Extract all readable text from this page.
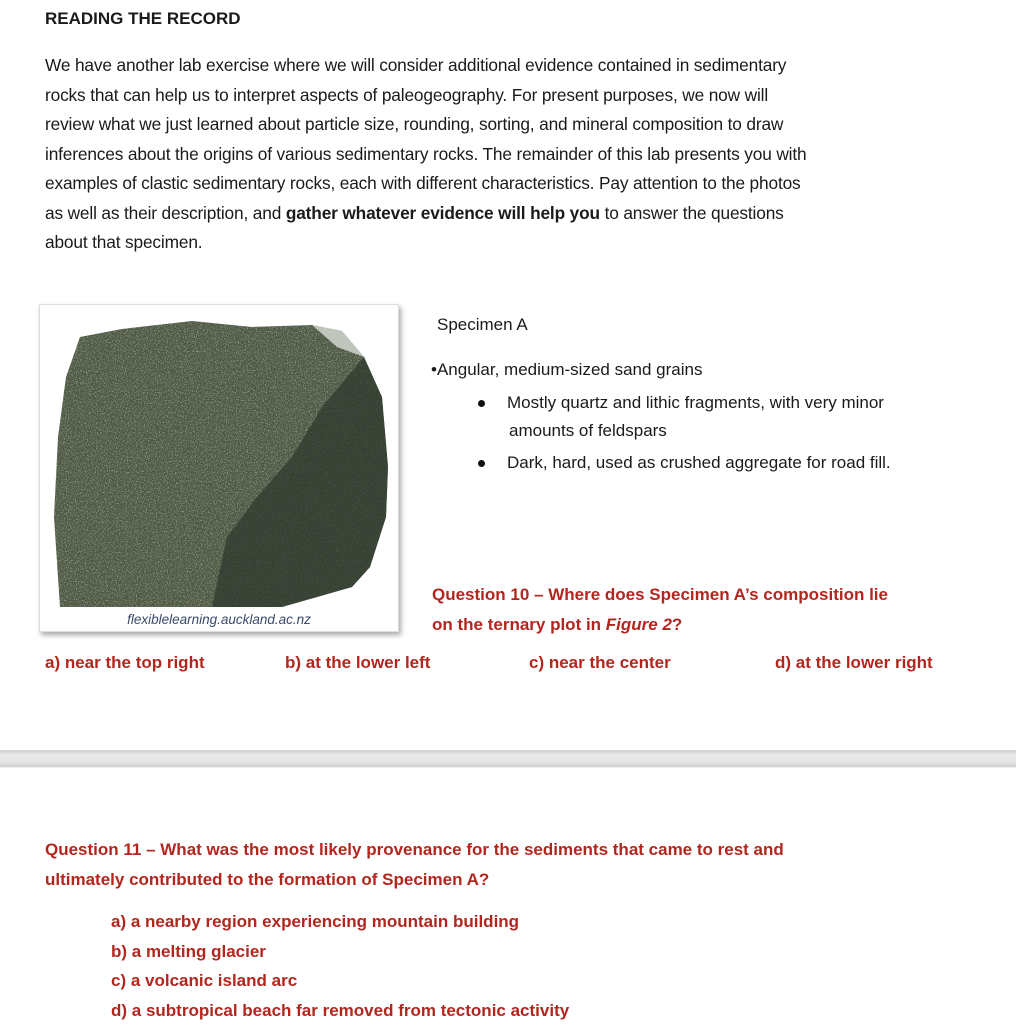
READING THE RECORD
We have another lab exercise where we will consider additional evidence contained in sedimentary
rocks that can help us to interpret aspects of paleogeography. For present purposes, we now will
review what we just learned about particle size, rounding, sorting, and mineral composition to draw
inferences about the origins of various sedimentary rocks. The remainder of this lab presents you with
examples of clastic sedimentary rocks, each with different characteristics. Pay attention to the photos
as well as their description, and gather whatever evidence will help you to answer the questions
about that specimen.
flexiblelearning.auckland.ac.nz
Specimen A
•Angular, medium-sized sand grains
Mostly quartz and lithic fragments, with very minor
amounts of feldspars
Dark, hard, used as crushed aggregate for road fill.
Question 10 – Where does Specimen A’s composition lie
on the ternary plot in Figure 2?
a) near the top right	b) at the lower left	c) near the center	d) at the lower right
Question 11 – What was the most likely provenance for the sediments that came to rest and
ultimately contributed to the formation of Specimen A?
a) a nearby region experiencing mountain building
b) a melting glacier
c) a volcanic island arc
d) a subtropical beach far removed from tectonic activity
